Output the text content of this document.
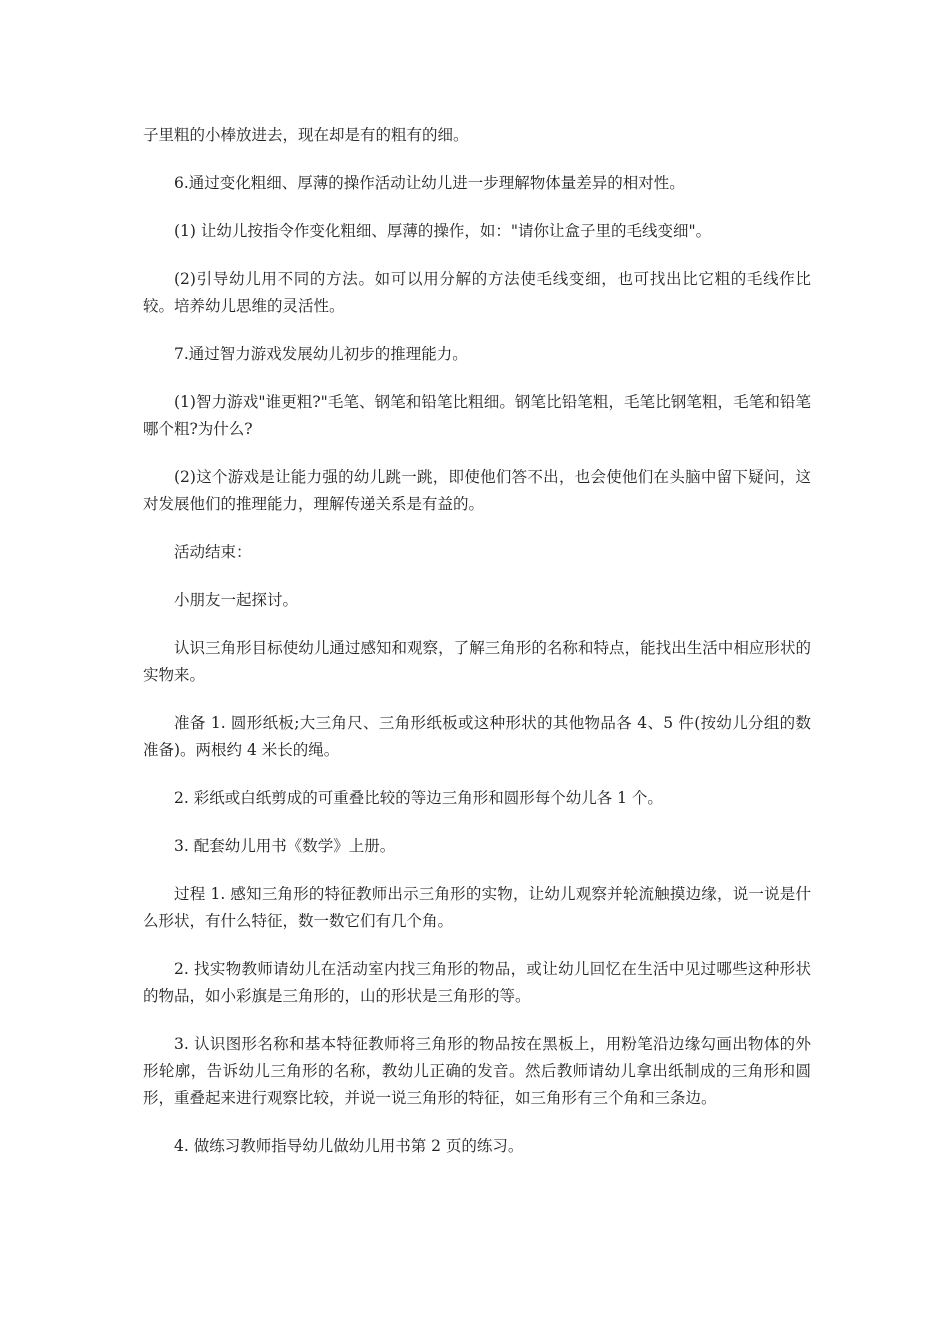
子里粗的小棒放进去，现在却是有的粗有的细。

6.通过变化粗细、厚薄的操作活动让幼儿进一步理解物体量差异的相对性。

(1) 让幼儿按指令作变化粗细、厚薄的操作，如："请你让盒子里的毛线变细"。

(2)引导幼儿用不同的方法。如可以用分解的方法使毛线变细，也可找出比它粗的毛线作比较。培养幼儿思维的灵活性。

7.通过智力游戏发展幼儿初步的推理能力。

(1)智力游戏"谁更粗?"毛笔、钢笔和铅笔比粗细。钢笔比铅笔粗，毛笔比钢笔粗，毛笔和铅笔哪个粗?为什么?

(2)这个游戏是让能力强的幼儿跳一跳，即使他们答不出，也会使他们在头脑中留下疑问，这对发展他们的推理能力，理解传递关系是有益的。

活动结束：

小朋友一起探讨。

认识三角形目标使幼儿通过感知和观察，了解三角形的名称和特点，能找出生活中相应形状的实物来。

准备 1. 圆形纸板;大三角尺、三角形纸板或这种形状的其他物品各 4、5 件(按幼儿分组的数准备)。两根约 4 米长的绳。

2. 彩纸或白纸剪成的可重叠比较的等边三角形和圆形每个幼儿各 1 个。

3. 配套幼儿用书《数学》上册。

过程 1. 感知三角形的特征教师出示三角形的实物，让幼儿观察并轮流触摸边缘，说一说是什么形状，有什么特征，数一数它们有几个角。

2. 找实物教师请幼儿在活动室内找三角形的物品，或让幼儿回忆在生活中见过哪些这种形状的物品，如小彩旗是三角形的，山的形状是三角形的等。

3. 认识图形名称和基本特征教师将三角形的物品按在黑板上，用粉笔沿边缘勾画出物体的外形轮廓，告诉幼儿三角形的名称，教幼儿正确的发音。然后教师请幼儿拿出纸制成的三角形和圆形，重叠起来进行观察比较，并说一说三角形的特征，如三角形有三个角和三条边。

4. 做练习教师指导幼儿做幼儿用书第 2 页的练习。
